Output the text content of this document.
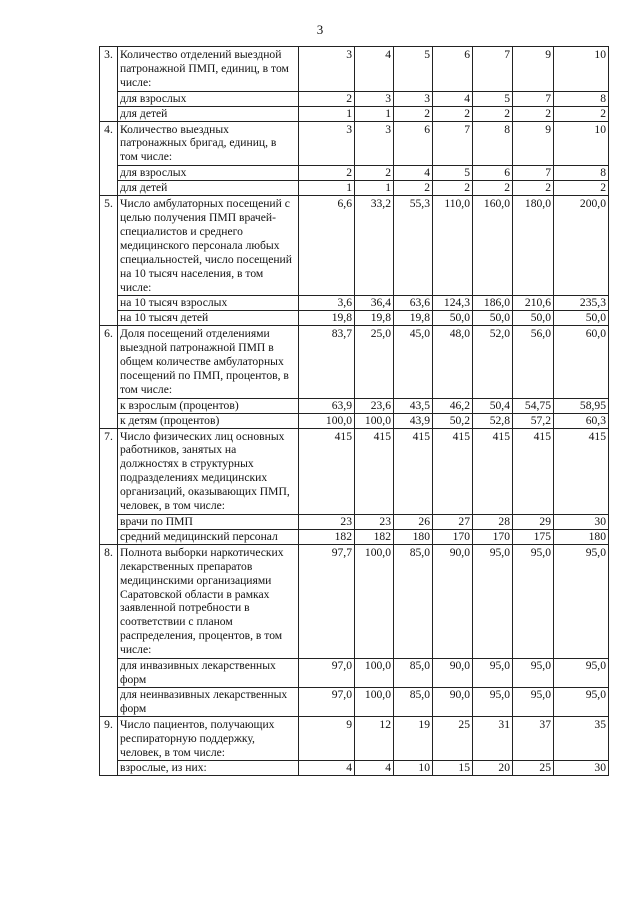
3
3.	Количество отделений выездной патронажной ПМП, единиц, в том числе:	3	4	5	6	7	9	10
	для взрослых	2	3	3	4	5	7	8
	для детей	1	1	2	2	2	2	2
4.	Количество выездных патронажных бригад, единиц, в том числе:	3	3	6	7	8	9	10
	для взрослых	2	2	4	5	6	7	8
	для детей	1	1	2	2	2	2	2
5.	Число амбулаторных посещений с целью получения ПМП врачей-специалистов и среднего медицинского персонала любых специальностей, число посещений на 10 тысяч населения, в том числе:	6,6	33,2	55,3	110,0	160,0	180,0	200,0
	на 10 тысяч взрослых	3,6	36,4	63,6	124,3	186,0	210,6	235,3
	на 10 тысяч детей	19,8	19,8	19,8	50,0	50,0	50,0	50,0
6.	Доля посещений отделениями выездной патронажной ПМП в общем количестве амбулаторных посещений по ПМП, процентов, в том числе:	83,7	25,0	45,0	48,0	52,0	56,0	60,0
	к взрослым (процентов)	63,9	23,6	43,5	46,2	50,4	54,75	58,95
	к детям (процентов)	100,0	100,0	43,9	50,2	52,8	57,2	60,3
7.	Число физических лиц основных работников, занятых на должностях в структурных подразделениях медицинских организаций, оказывающих ПМП, человек, в том числе:	415	415	415	415	415	415	415
	врачи по ПМП	23	23	26	27	28	29	30
	средний медицинский персонал	182	182	180	170	170	175	180
8.	Полнота выборки наркотических лекарственных препаратов медицинскими организациями Саратовской области в рамках заявленной потребности в соответствии с планом распределения, процентов, в том числе:	97,7	100,0	85,0	90,0	95,0	95,0	95,0
	для инвазивных лекарственных форм	97,0	100,0	85,0	90,0	95,0	95,0	95,0
	для неинвазивных лекарственных форм	97,0	100,0	85,0	90,0	95,0	95,0	95,0
9.	Число пациентов, получающих респираторную поддержку, человек, в том числе:	9	12	19	25	31	37	35
	взрослые, из них:	4	4	10	15	20	25	30
